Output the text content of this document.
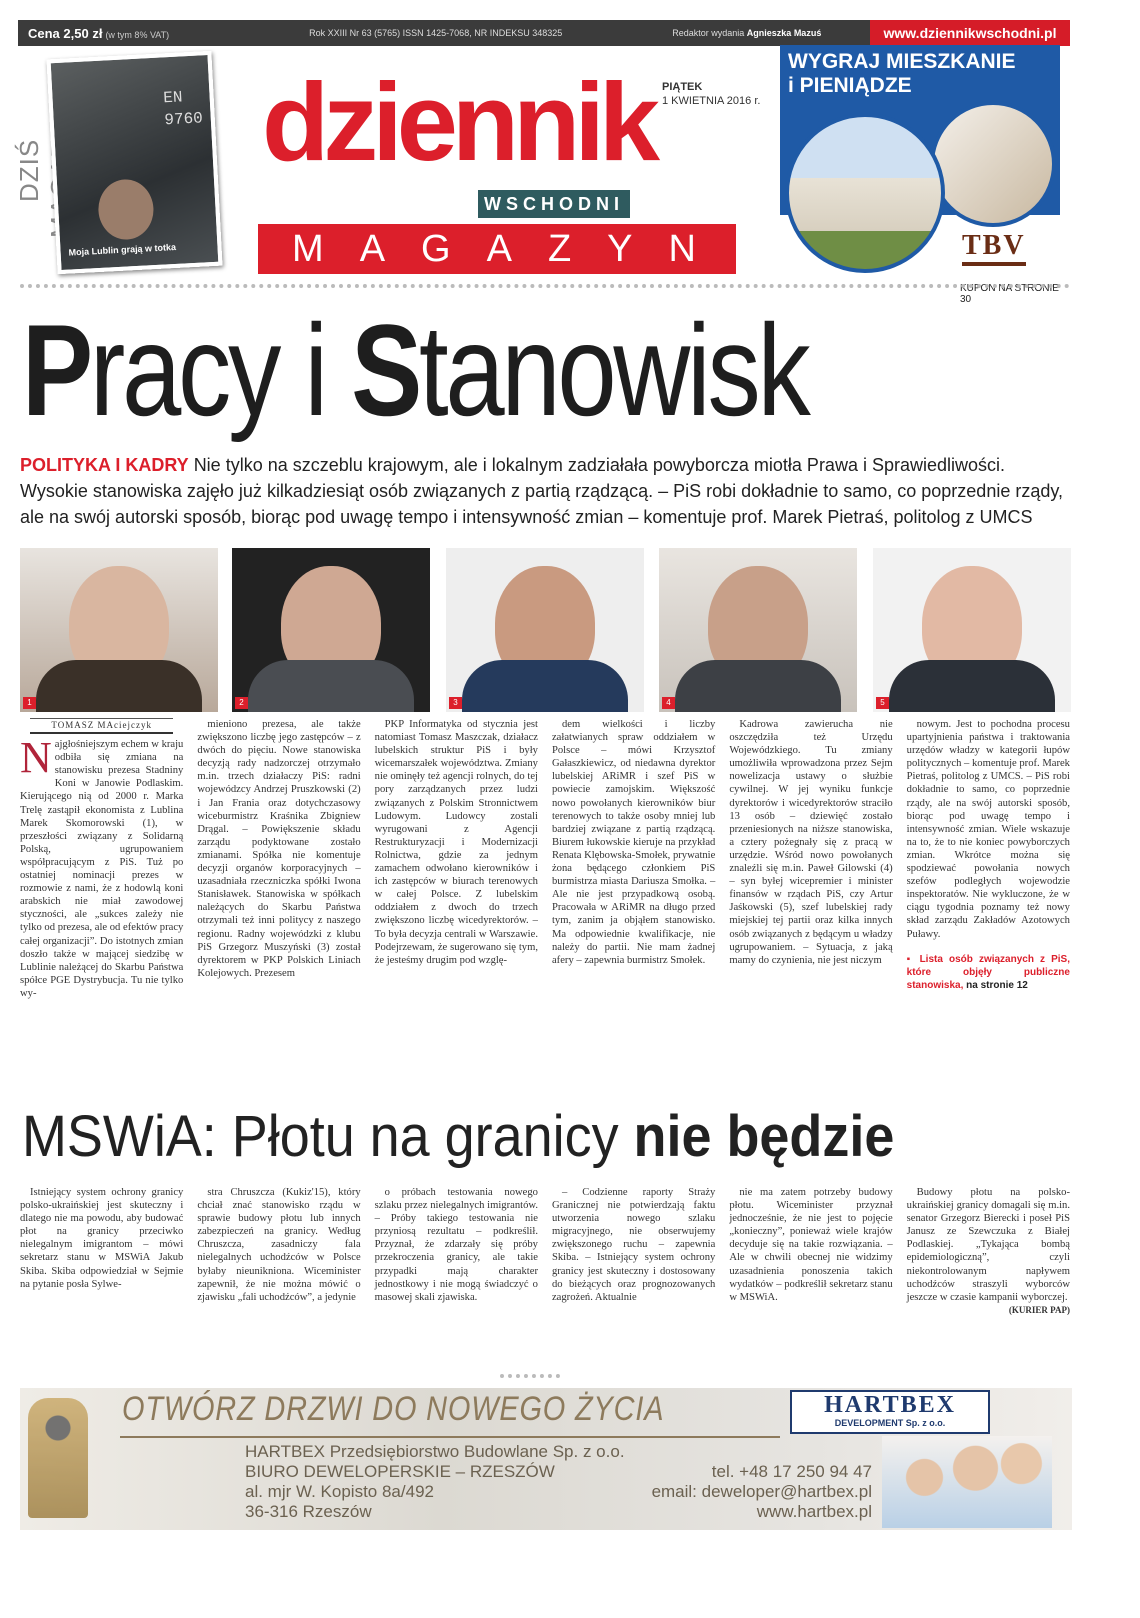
Cena 2,50 zł (w tym 8% VAT)	Rok XXIII Nr 63 (5765) ISSN 1425-7068, NR INDEKSU 348325	Redaktor wydania Agnieszka Mazuś	www.dziennikwschodni.pl
DZIŚ
EN
9760
Moja Lublin grają w totka
dziennik PIĄTEK
1 KWIETNIA 2016 r.
WSCHODNI
MAGAZYN
WYGRAJ MIESZKANIE
i PIENIĄDZE
TBV
KUPON NA STRONIE 30
Pracy i Stanowisk
POLITYKA I KADRY Nie tylko na szczeblu krajowym, ale i lokalnym zadziałała powyborcza miotła Prawa i Sprawiedliwości. Wysokie stanowiska zajęło już kilkadziesiąt osób związanych z partią rządzącą. – PiS robi dokładnie to samo, co poprzednie rządy, ale na swój autorski sposób, biorąc pod uwagę tempo i intensywność zmian – komentuje prof. Marek Pietraś, politolog z UMCS
1	2	3	4	5
TOMASZ MAciejczyk
N ajgłośniejszym echem w kraju odbiła się zmiana na stanowisku prezesa Stadniny Koni w Janowie Podlaskim. Kierującego nią od 2000 r. Marka Trelę zastąpił ekonomista z Lublina Marek Skomorowski (1), w przeszłości związany z Solidarną Polską, ugrupowaniem współpracującym z PiS. Tuż po ostatniej nominacji prezes w rozmowie z nami, że z hodowlą koni arabskich nie miał zawodowej styczności, ale „sukces zależy nie tylko od prezesa, ale od efektów pracy całej organizacji”. Do istotnych zmian doszło także w mającej siedzibę w Lublinie należącej do Skarbu Państwa spółce PGE Dystrybucja. Tu nie tylko wy-

mieniono prezesa, ale także zwiększono liczbę jego zastępców – z dwóch do pięciu. Nowe stanowiska decyzją rady nadzorczej otrzymało m.in. trzech działaczy PiS: radni wojewódzcy Andrzej Pruszkowski (2) i Jan Frania oraz dotychczasowy wiceburmistrz Kraśnika Zbigniew Drągal. – Powiększenie składu zarządu podyktowane zostało zmianami. Spółka nie komentuje decyzji organów korporacyjnych – uzasadniała rzeczniczka spółki Iwona Stanisławek. Stanowiska w spółkach należących do Skarbu Państwa otrzymali też inni politycy z naszego regionu. Radny wojewódzki z klubu PiS Grzegorz Muszyński (3) został dyrektorem w PKP Polskich Liniach Kolejowych. Prezesem

PKP Informatyka od stycznia jest natomiast Tomasz Maszczak, działacz lubelskich struktur PiS i były wicemarszałek województwa. Zmiany nie ominęły też agencji rolnych, do tej pory zarządzanych przez ludzi związanych z Polskim Stronnictwem Ludowym. Ludowcy zostali wyrugowani z Agencji Restrukturyzacji i Modernizacji Rolnictwa, gdzie za jednym zamachem odwołano kierowników i ich zastępców w biurach terenowych w całej Polsce. Z lubelskim oddziałem z dwoch do trzech zwiększono liczbę wicedyrektorów. – To była decyzja centrali w Warszawie. Podejrzewam, że sugerowano się tym, że jesteśmy drugim pod wzglę-

dem wielkości i liczby załatwianych spraw oddziałem w Polsce – mówi Krzysztof Gałaszkiewicz, od niedawna dyrektor lubelskiej ARiMR i szef PiS w powiecie zamojskim. Większość nowo powołanych kierowników biur terenowych to także osoby mniej lub bardziej związane z partią rządzącą. Biurem łukowskie kieruje na przykład Renata Klębowska-Smołek, prywatnie żona będącego członkiem PiS burmistrza miasta Dariusza Smołka. – Ale nie jest przypadkową osobą. Pracowała w ARiMR na długo przed tym, zanim ja objąłem stanowisko. Ma odpowiednie kwalifikacje, nie należy do partii. Nie mam żadnej afery – zapewnia burmistrz Smołek.

Kadrowa zawierucha nie oszczędziła też Urzędu Wojewódzkiego. Tu zmiany umożliwiła wprowadzona przez Sejm nowelizacja ustawy o służbie cywilnej. W jej wyniku funkcje dyrektorów i wicedyrektorów straciło 13 osób – dziewięć zostało przeniesionych na niższe stanowiska, a cztery pożegnały się z pracą w urzędzie. Wśród nowo powołanych znaleźli się m.in. Paweł Gilowski (4) – syn byłej wicepremier i minister finansów w rządach PiS, czy Artur Jaśkowski (5), szef lubelskiej rady miejskiej tej partii oraz kilka innych osób związanych z będącym u władzy ugrupowaniem. – Sytuacja, z jaką mamy do czynienia, nie jest niczym

nowym. Jest to pochodna procesu upartyjnienia państwa i traktowania urzędów władzy w kategorii łupów politycznych – komentuje prof. Marek Pietraś, politolog z UMCS. – PiS robi dokładnie to samo, co poprzednie rządy, ale na swój autorski sposób, biorąc pod uwagę tempo i intensywność zmian. Wiele wskazuje na to, że to nie koniec powyborczych zmian. Wkrótce można się spodziewać powołania nowych szefów podległych wojewodzie inspektoratów. Nie wykluczone, że w ciągu tygodnia poznamy też nowy skład zarządu Zakładów Azotowych Puławy.

▪ Lista osób związanych z PiS, które objęły publiczne stanowiska, na stronie 12

MSWiA: Płotu na granicy nie będzie

Istniejący system ochrony granicy polsko-ukraińskiej jest skuteczny i dlatego nie ma powodu, aby budować płot na granicy przeciwko nielegalnym imigrantom – mówi sekretarz stanu w MSWiA Jakub Skiba. Skiba odpowiedział w Sejmie na pytanie posła Sylwe-

stra Chruszcza (Kukiz'15), który chciał znać stanowisko rządu w sprawie budowy płotu lub innych zabezpieczeń na granicy. Według Chruszcza, zasadniczy fala nielegalnych uchodźców w Polsce byłaby nieunikniona. Wiceminister zapewnił, że nie można mówić o zjawisku „fali uchodźców”, a jedynie

o próbach testowania nowego szlaku przez nielegalnych imigrantów. – Próby takiego testowania nie przyniosą rezultatu – podkreślił. Przyznał, że zdarzały się próby przekroczenia granicy, ale takie przypadki mają charakter jednostkowy i nie mogą świadczyć o masowej skali zjawiska.

– Codzienne raporty Straży Granicznej nie potwierdzają faktu utworzenia nowego szlaku migracyjnego, nie obserwujemy zwiększonego ruchu – zapewnia Skiba. – Istniejący system ochrony granicy jest skuteczny i dostosowany do bieżących oraz prognozowanych zagrożeń. Aktualnie

nie ma zatem potrzeby budowy płotu. Wiceminister przyznał jednocześnie, że nie jest to pojęcie „konieczny”, ponieważ wiele krajów decyduje się na takie rozwiązania. – Ale w chwili obecnej nie widzimy uzasadnienia ponoszenia takich wydatków – podkreślił sekretarz stanu w MSWiA.

Budowy płotu na polsko-ukraińskiej granicy domagali się m.in. senator Grzegorz Bierecki i poseł PiS Janusz ze Szewczuka z Białej Podlaskiej. „Tykająca bombą epidemiologiczną”, czyli niekontrolowanym napływem uchodźców straszyli wyborców jeszcze w czasie kampanii wyborczej.

(KURIER PAP)

OTWÓRZ DRZWI DO NOWEGO ŻYCIA	HARTBEX
DEVELOPMENT Sp. z o.o.
HARTBEX Przedsiębiorstwo Budowlane Sp. z o.o.
BIURO DEWELOPERSKIE – RZESZÓW
al. mjr W. Kopisto 8a/492
36-316 Rzeszów
tel. +48 17 250 94 47
email: deweloper@hartbex.pl
www.hartbex.pl
